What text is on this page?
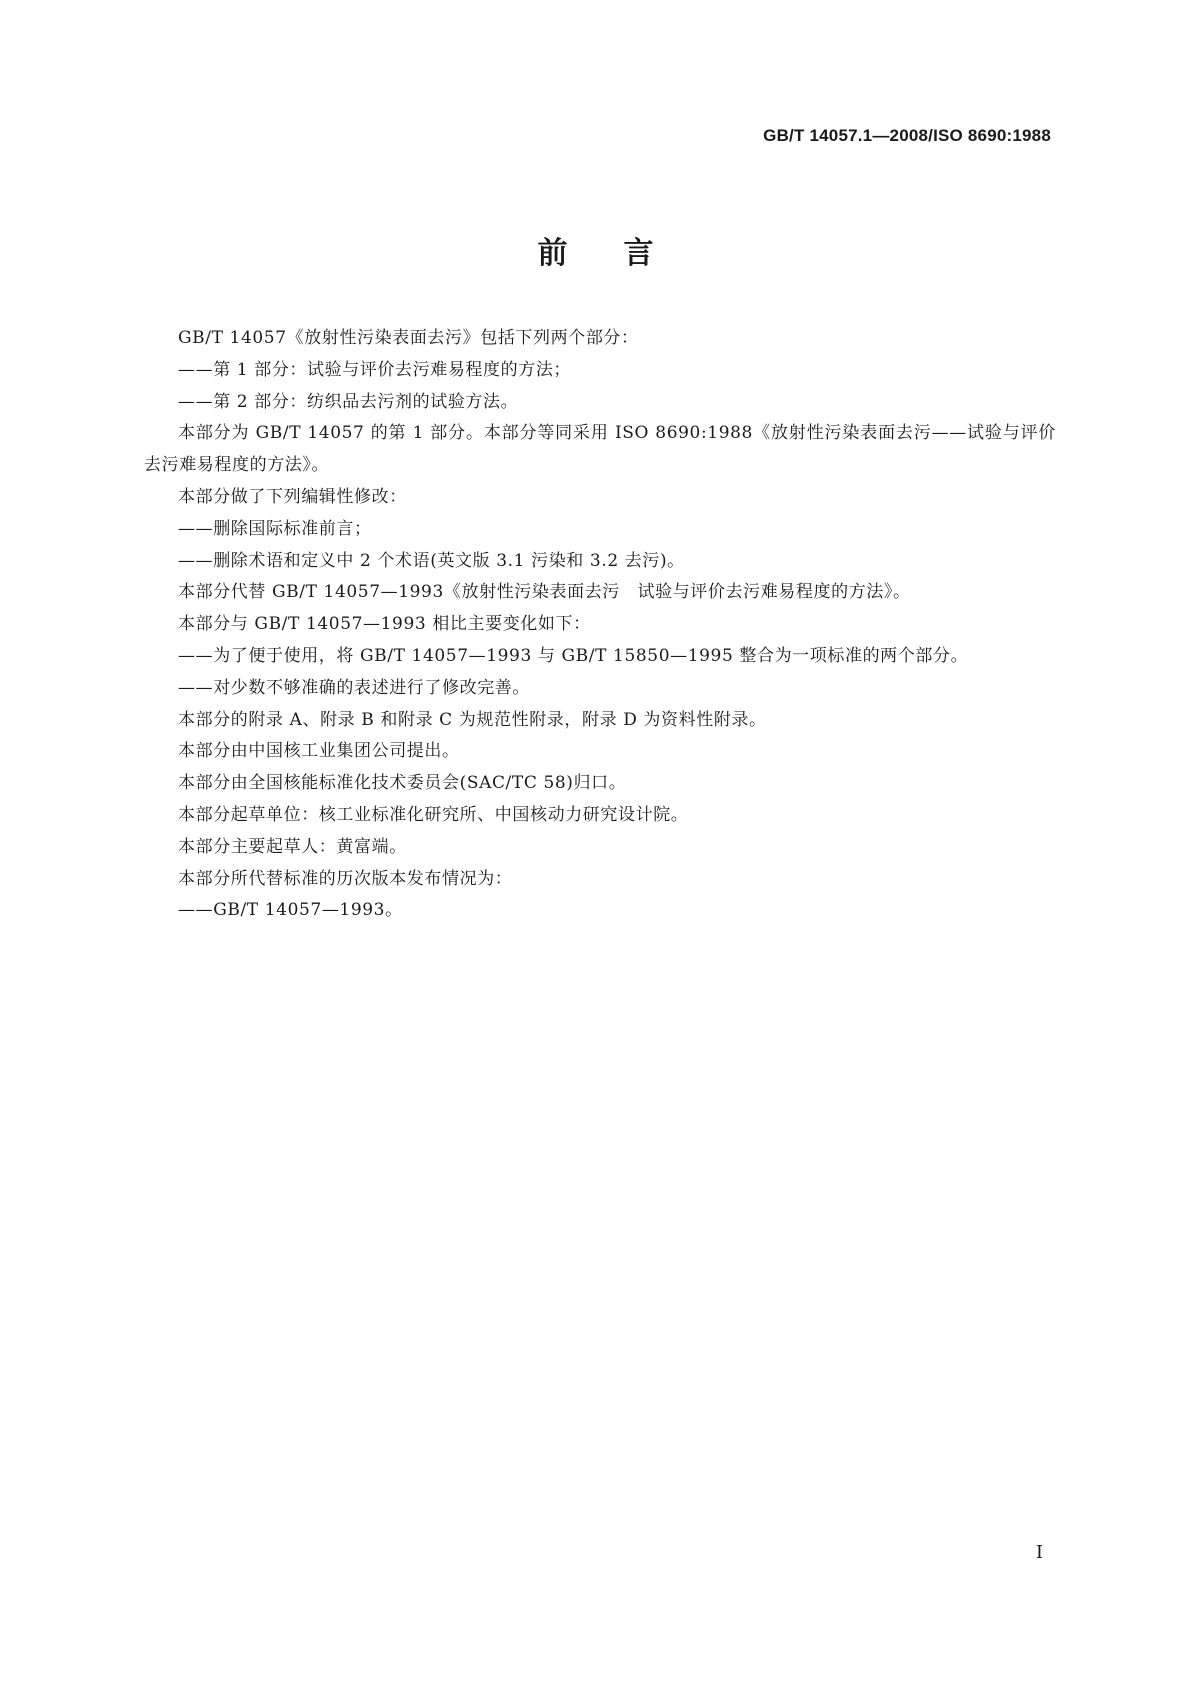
GB/T 14057.1—2008/ISO 8690:1988
前言

GB/T 14057《放射性污染表面去污》包括下列两个部分：

——第 1 部分：试验与评价去污难易程度的方法；

——第 2 部分：纺织品去污剂的试验方法。

本部分为 GB/T 14057 的第 1 部分。本部分等同采用 ISO 8690:1988《放射性污染表面去污——试验与评价去污难易程度的方法》。

本部分做了下列编辑性修改：

——删除国际标准前言；

——删除术语和定义中 2 个术语(英文版 3.1 污染和 3.2 去污)。

本部分代替 GB/T 14057—1993《放射性污染表面去污　试验与评价去污难易程度的方法》。

本部分与 GB/T 14057—1993 相比主要变化如下：

——为了便于使用，将 GB/T 14057—1993 与 GB/T 15850—1995 整合为一项标准的两个部分。

——对少数不够准确的表述进行了修改完善。

本部分的附录 A、附录 B 和附录 C 为规范性附录，附录 D 为资料性附录。

本部分由中国核工业集团公司提出。

本部分由全国核能标准化技术委员会(SAC/TC 58)归口。

本部分起草单位：核工业标准化研究所、中国核动力研究设计院。

本部分主要起草人：黄富端。

本部分所代替标准的历次版本发布情况为：

——GB/T 14057—1993。

I
